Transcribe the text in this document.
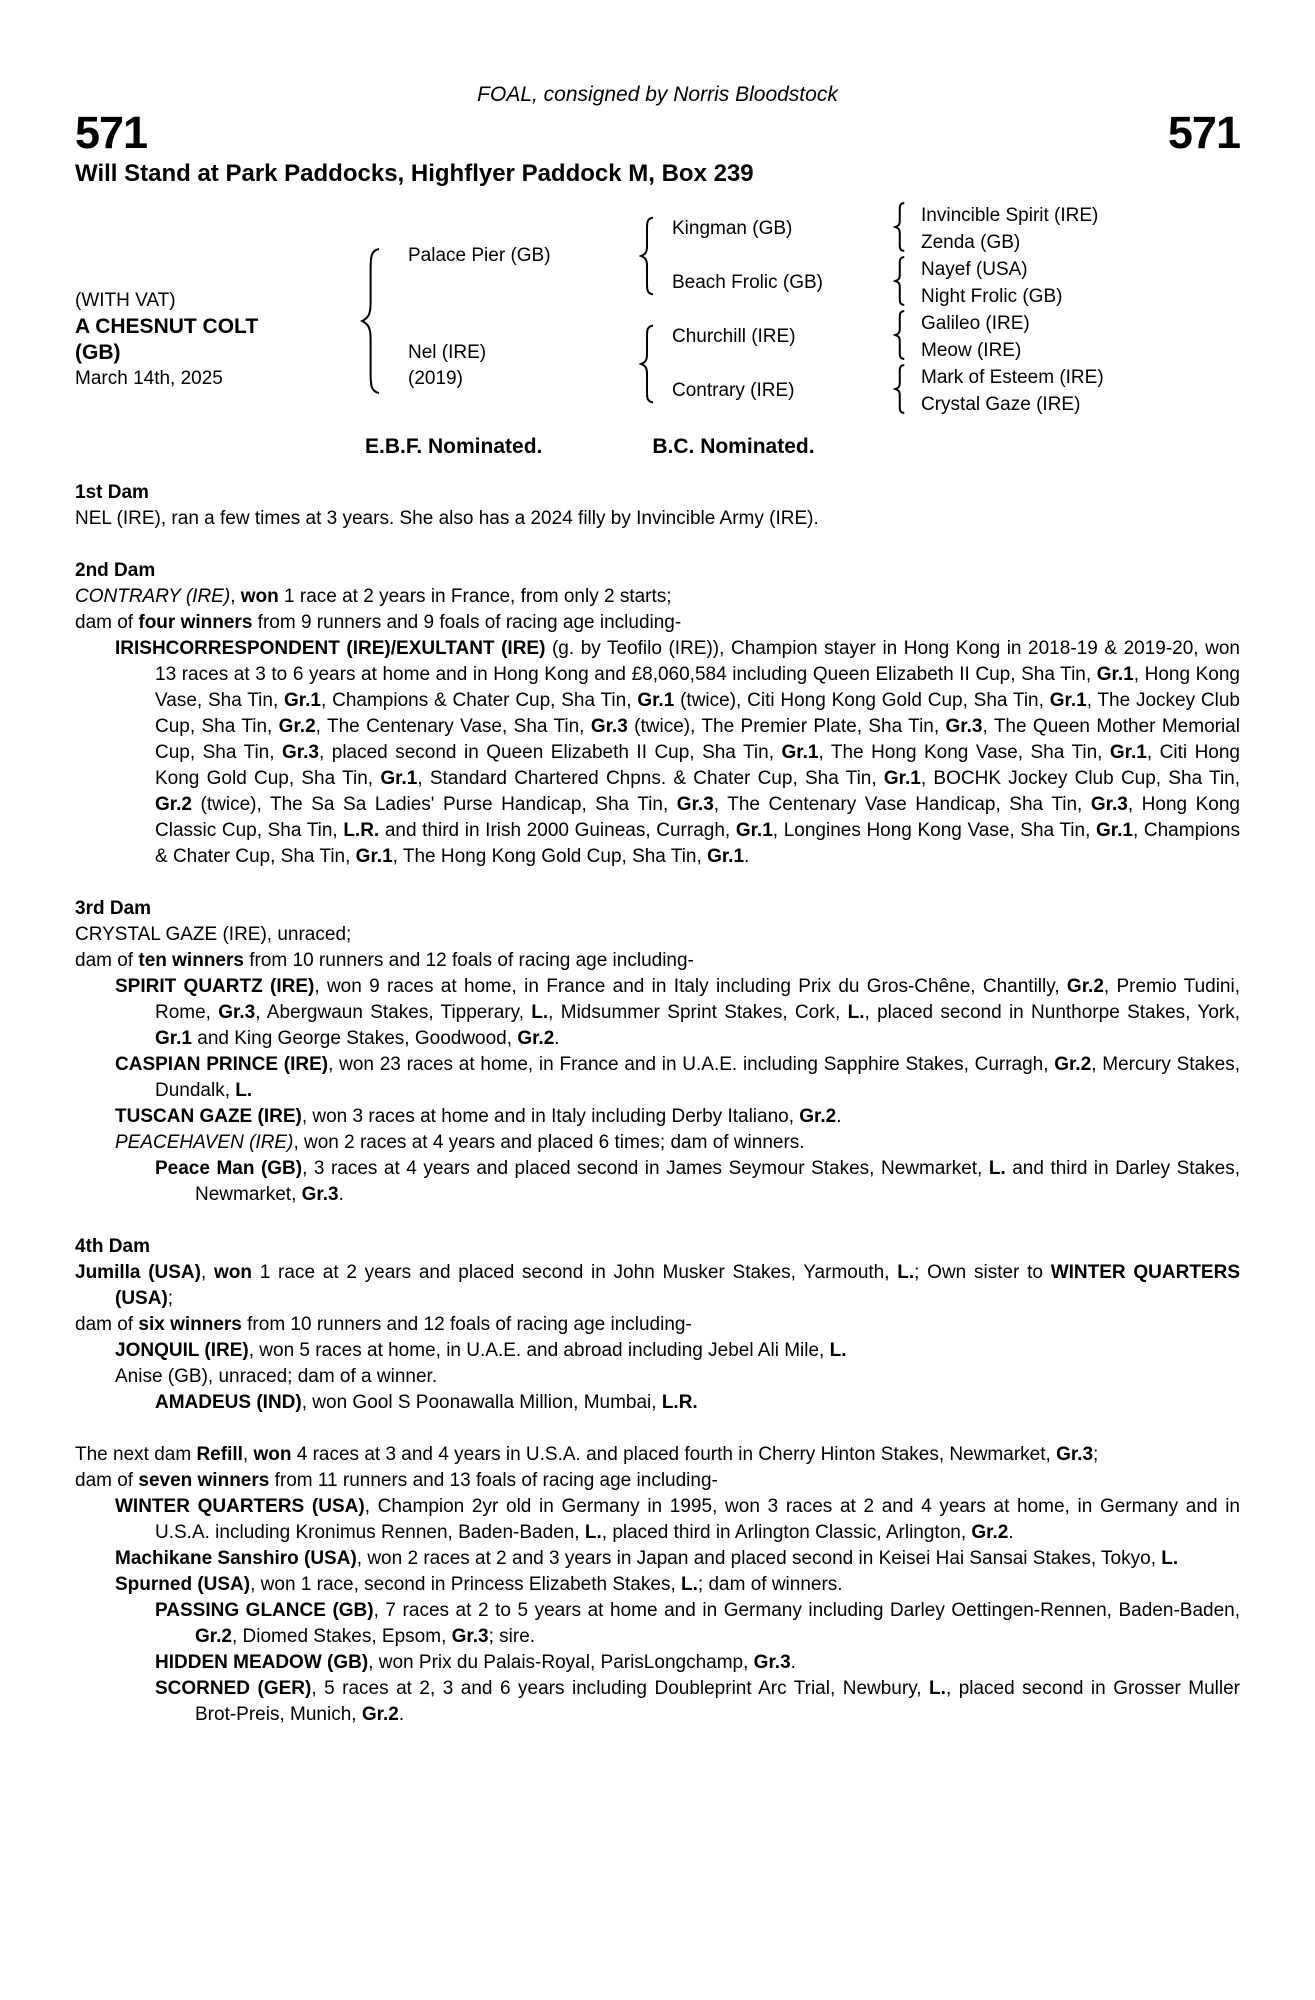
FOAL, consigned by Norris Bloodstock
571	571
Will Stand at Park Paddocks, Highflyer Paddock M, Box 239
(WITH VAT)
A CHESNUT COLT
(GB)
March 14th, 2025
Palace Pier (GB)
Nel (IRE)
(2019)
Kingman (GB)
Beach Frolic (GB)
Churchill (IRE)
Contrary (IRE)
Invincible Spirit (IRE)
Zenda (GB)
Nayef (USA)
Night Frolic (GB)
Galileo (IRE)
Meow (IRE)
Mark of Esteem (IRE)
Crystal Gaze (IRE)
E.B.F. Nominated.	B.C. Nominated.
1st Dam

NEL (IRE), ran a few times at 3 years. She also has a 2024 filly by Invincible Army (IRE).

2nd Dam

CONTRARY (IRE), won 1 race at 2 years in France, from only 2 starts;

dam of four winners from 9 runners and 9 foals of racing age including-

IRISHCORRESPONDENT (IRE)/EXULTANT (IRE) (g. by Teofilo (IRE)), Champion stayer in Hong Kong in 2018-19 & 2019-20, won 13 races at 3 to 6 years at home and in Hong Kong and £8,060,584 including Queen Elizabeth II Cup, Sha Tin, Gr.1, Hong Kong Vase, Sha Tin, Gr.1, Champions & Chater Cup, Sha Tin, Gr.1 (twice), Citi Hong Kong Gold Cup, Sha Tin, Gr.1, The Jockey Club Cup, Sha Tin, Gr.2, The Centenary Vase, Sha Tin, Gr.3 (twice), The Premier Plate, Sha Tin, Gr.3, The Queen Mother Memorial Cup, Sha Tin, Gr.3, placed second in Queen Elizabeth II Cup, Sha Tin, Gr.1, The Hong Kong Vase, Sha Tin, Gr.1, Citi Hong Kong Gold Cup, Sha Tin, Gr.1, Standard Chartered Chpns. & Chater Cup, Sha Tin, Gr.1, BOCHK Jockey Club Cup, Sha Tin, Gr.2 (twice), The Sa Sa Ladies' Purse Handicap, Sha Tin, Gr.3, The Centenary Vase Handicap, Sha Tin, Gr.3, Hong Kong Classic Cup, Sha Tin, L.R. and third in Irish 2000 Guineas, Curragh, Gr.1, Longines Hong Kong Vase, Sha Tin, Gr.1, Champions & Chater Cup, Sha Tin, Gr.1, The Hong Kong Gold Cup, Sha Tin, Gr.1.

3rd Dam

CRYSTAL GAZE (IRE), unraced;

dam of ten winners from 10 runners and 12 foals of racing age including-

SPIRIT QUARTZ (IRE), won 9 races at home, in France and in Italy including Prix du Gros-Chêne, Chantilly, Gr.2, Premio Tudini, Rome, Gr.3, Abergwaun Stakes, Tipperary, L., Midsummer Sprint Stakes, Cork, L., placed second in Nunthorpe Stakes, York, Gr.1 and King George Stakes, Goodwood, Gr.2.

CASPIAN PRINCE (IRE), won 23 races at home, in France and in U.A.E. including Sapphire Stakes, Curragh, Gr.2, Mercury Stakes, Dundalk, L.

TUSCAN GAZE (IRE), won 3 races at home and in Italy including Derby Italiano, Gr.2.

PEACEHAVEN (IRE), won 2 races at 4 years and placed 6 times; dam of winners.

Peace Man (GB), 3 races at 4 years and placed second in James Seymour Stakes, Newmarket, L. and third in Darley Stakes, Newmarket, Gr.3.

4th Dam

Jumilla (USA), won 1 race at 2 years and placed second in John Musker Stakes, Yarmouth, L.; Own sister to WINTER QUARTERS (USA);

dam of six winners from 10 runners and 12 foals of racing age including-

JONQUIL (IRE), won 5 races at home, in U.A.E. and abroad including Jebel Ali Mile, L.

Anise (GB), unraced; dam of a winner.

AMADEUS (IND), won Gool S Poonawalla Million, Mumbai, L.R.

The next dam Refill, won 4 races at 3 and 4 years in U.S.A. and placed fourth in Cherry Hinton Stakes, Newmarket, Gr.3;

dam of seven winners from 11 runners and 13 foals of racing age including-

WINTER QUARTERS (USA), Champion 2yr old in Germany in 1995, won 3 races at 2 and 4 years at home, in Germany and in U.S.A. including Kronimus Rennen, Baden-Baden, L., placed third in Arlington Classic, Arlington, Gr.2.

Machikane Sanshiro (USA), won 2 races at 2 and 3 years in Japan and placed second in Keisei Hai Sansai Stakes, Tokyo, L.

Spurned (USA), won 1 race, second in Princess Elizabeth Stakes, L.; dam of winners.

PASSING GLANCE (GB), 7 races at 2 to 5 years at home and in Germany including Darley Oettingen-Rennen, Baden-Baden, Gr.2, Diomed Stakes, Epsom, Gr.3; sire.

HIDDEN MEADOW (GB), won Prix du Palais-Royal, ParisLongchamp, Gr.3.

SCORNED (GER), 5 races at 2, 3 and 6 years including Doubleprint Arc Trial, Newbury, L., placed second in Grosser Muller Brot-Preis, Munich, Gr.2.
